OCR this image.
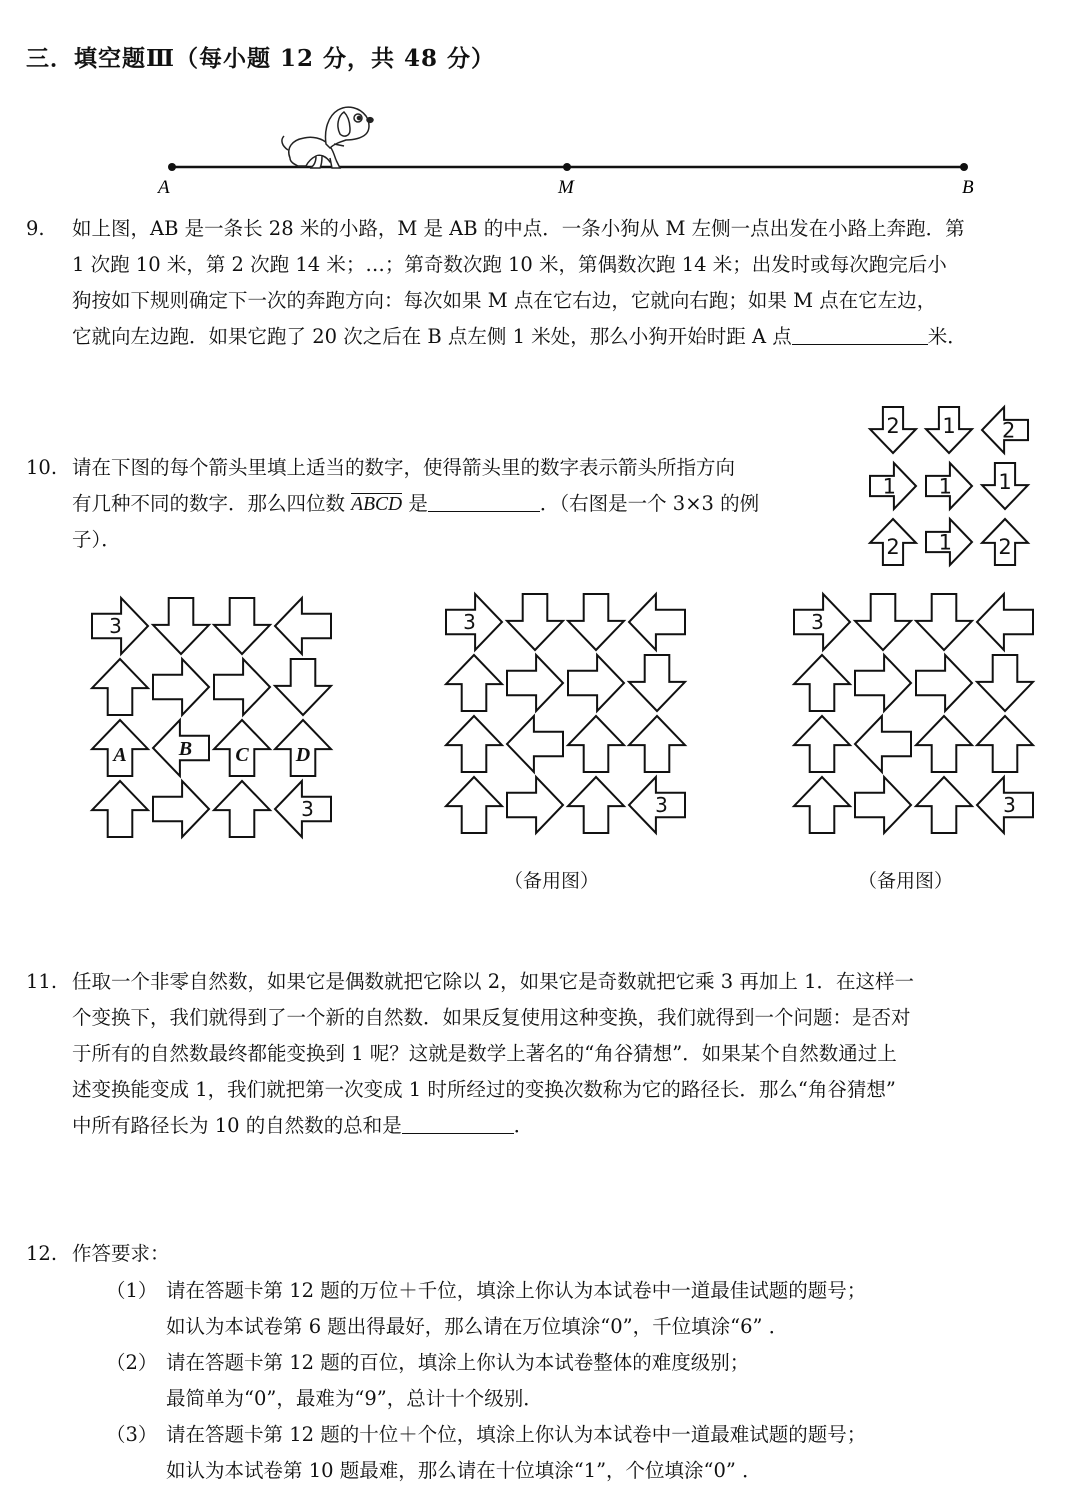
三．填空题Ⅲ（每小题 12 分，共 48 分）
A	M	B
9. 如上图，AB 是一条长 28 米的小路，M 是 AB 的中点．一条小狗从 M 左侧一点出发在小路上奔跑．第
1 次跑 10 米，第 2 次跑 14 米；…；第奇数次跑 10 米，第偶数次跑 14 米；出发时或每次跑完后小
狗按如下规则确定下一次的奔跑方向：每次如果 M 点在它右边，它就向右跑；如果 M 点在它左边，
它就向左边跑．如果它跑了 20 次之后在 B 点左侧 1 米处，那么小狗开始时距 A 点	米．
10. 请在下图的每个箭头里填上适当的数字，使得箭头里的数字表示箭头所指方向
有几种不同的数字．那么四位数 ABCD 是	．（右图是一个 3×3 的例
子）．
2 1 2
1 1 1
2 1 2
3
A	B C D
3
3
3
3
3
（备用图）	（备用图）
11. 任取一个非零自然数，如果它是偶数就把它除以 2，如果它是奇数就把它乘 3 再加上 1．在这样一
个变换下，我们就得到了一个新的自然数．如果反复使用这种变换，我们就得到一个问题：是否对
于所有的自然数最终都能变换到 1 呢？这就是数学上著名的“角谷猜想”．如果某个自然数通过上
述变换能变成 1，我们就把第一次变成 1 时所经过的变换次数称为它的路径长．那么“角谷猜想”
中所有路径长为 10 的自然数的总和是	．
12. 作答要求：
（1） 请在答题卡第 12 题的万位＋千位，填涂上你认为本试卷中一道最佳试题的题号；
如认为本试卷第 6 题出得最好，那么请在万位填涂“0”，千位填涂“6” ．
（2） 请在答题卡第 12 题的百位，填涂上你认为本试卷整体的难度级别；
最简单为“0”，最难为“9”，总计十个级别．
（3） 请在答题卡第 12 题的十位＋个位，填涂上你认为本试卷中一道最难试题的题号；
如认为本试卷第 10 题最难，那么请在十位填涂“1”，个位填涂“0” ．
